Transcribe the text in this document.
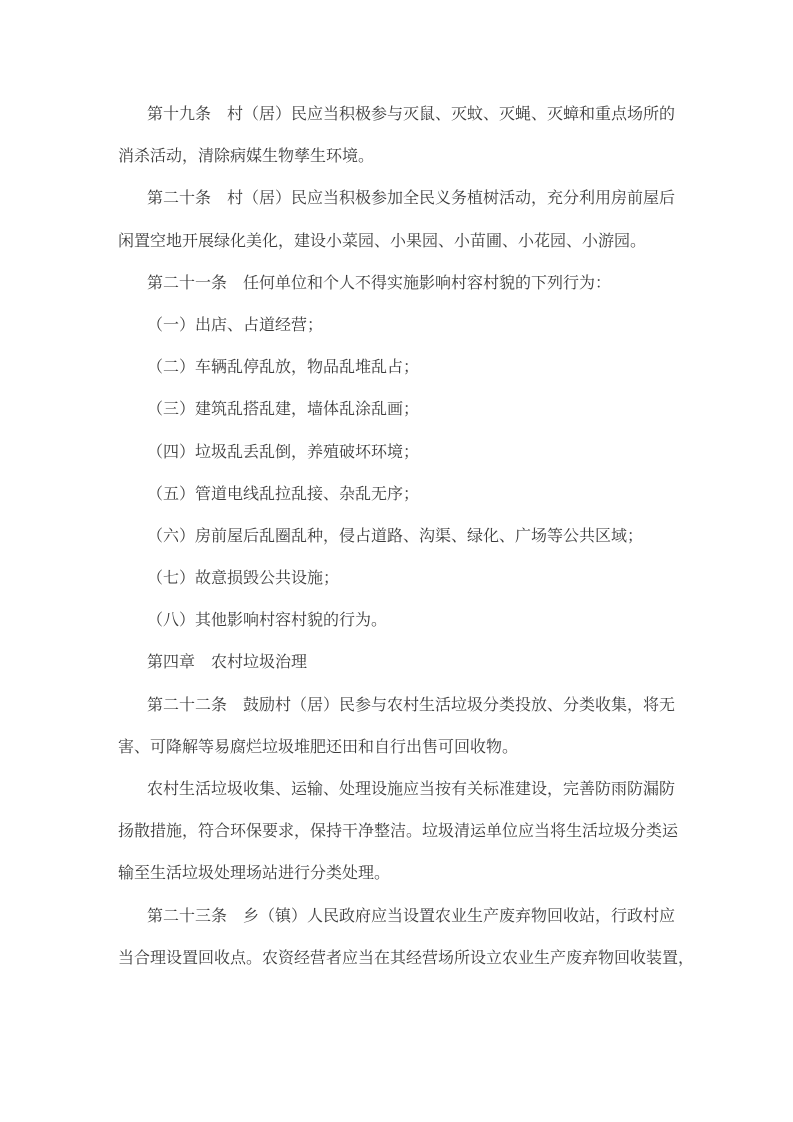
第十九条　村（居）民应当积极参与灭鼠、灭蚊、灭蝇、灭蟑和重点场所的
消杀活动，清除病媒生物孳生环境。
第二十条　村（居）民应当积极参加全民义务植树活动，充分利用房前屋后
闲置空地开展绿化美化，建设小菜园、小果园、小苗圃、小花园、小游园。
第二十一条　任何单位和个人不得实施影响村容村貌的下列行为：
（一）出店、占道经营；
（二）车辆乱停乱放，物品乱堆乱占；
（三）建筑乱搭乱建，墙体乱涂乱画；
（四）垃圾乱丢乱倒，养殖破坏环境；
（五）管道电线乱拉乱接、杂乱无序；
（六）房前屋后乱圈乱种，侵占道路、沟渠、绿化、广场等公共区域；
（七）故意损毁公共设施；
（八）其他影响村容村貌的行为。
第四章　农村垃圾治理
第二十二条　鼓励村（居）民参与农村生活垃圾分类投放、分类收集，将无
害、可降解等易腐烂垃圾堆肥还田和自行出售可回收物。
农村生活垃圾收集、运输、处理设施应当按有关标准建设，完善防雨防漏防
扬散措施，符合环保要求，保持干净整洁。垃圾清运单位应当将生活垃圾分类运
输至生活垃圾处理场站进行分类处理。
第二十三条　乡（镇）人民政府应当设置农业生产废弃物回收站，行政村应
当合理设置回收点。农资经营者应当在其经营场所设立农业生产废弃物回收装置，
